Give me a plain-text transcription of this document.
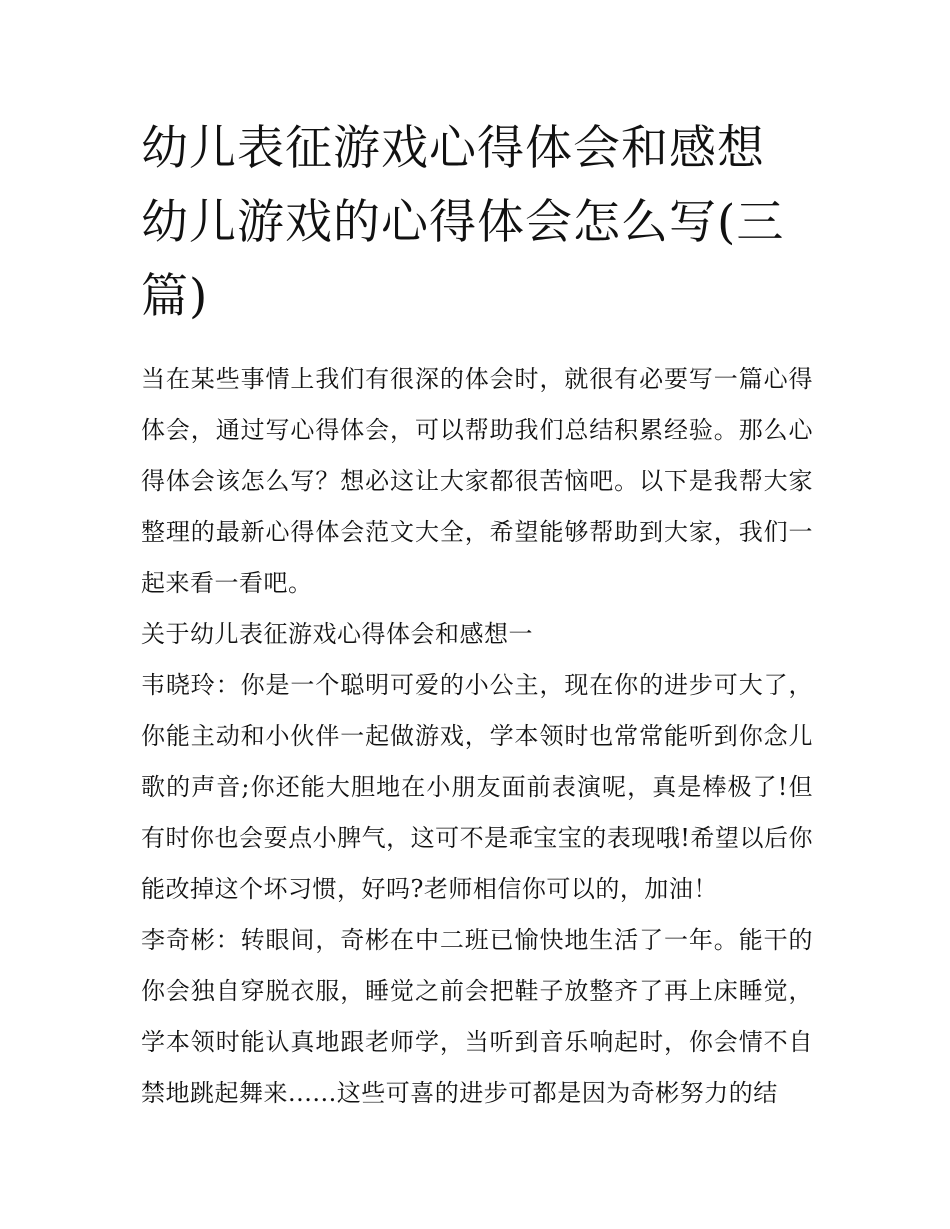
幼儿表征游戏心得体会和感想 幼儿游戏的心得体会怎么写(三篇)

当在某些事情上我们有很深的体会时，就很有必要写一篇心得体会，通过写心得体会，可以帮助我们总结积累经验。那么心得体会该怎么写？想必这让大家都很苦恼吧。以下是我帮大家整理的最新心得体会范文大全，希望能够帮助到大家，我们一起来看一看吧。

关于幼儿表征游戏心得体会和感想一

韦晓玲：你是一个聪明可爱的小公主，现在你的进步可大了，你能主动和小伙伴一起做游戏，学本领时也常常能听到你念儿歌的声音;你还能大胆地在小朋友面前表演呢，真是棒极了!但有时你也会耍点小脾气，这可不是乖宝宝的表现哦!希望以后你能改掉这个坏习惯，好吗?老师相信你可以的，加油！

李奇彬：转眼间，奇彬在中二班已愉快地生活了一年。能干的你会独自穿脱衣服，睡觉之前会把鞋子放整齐了再上床睡觉，学本领时能认真地跟老师学，当听到音乐响起时，你会情不自禁地跳起舞来......这些可喜的进步可都是因为奇彬努力的结
